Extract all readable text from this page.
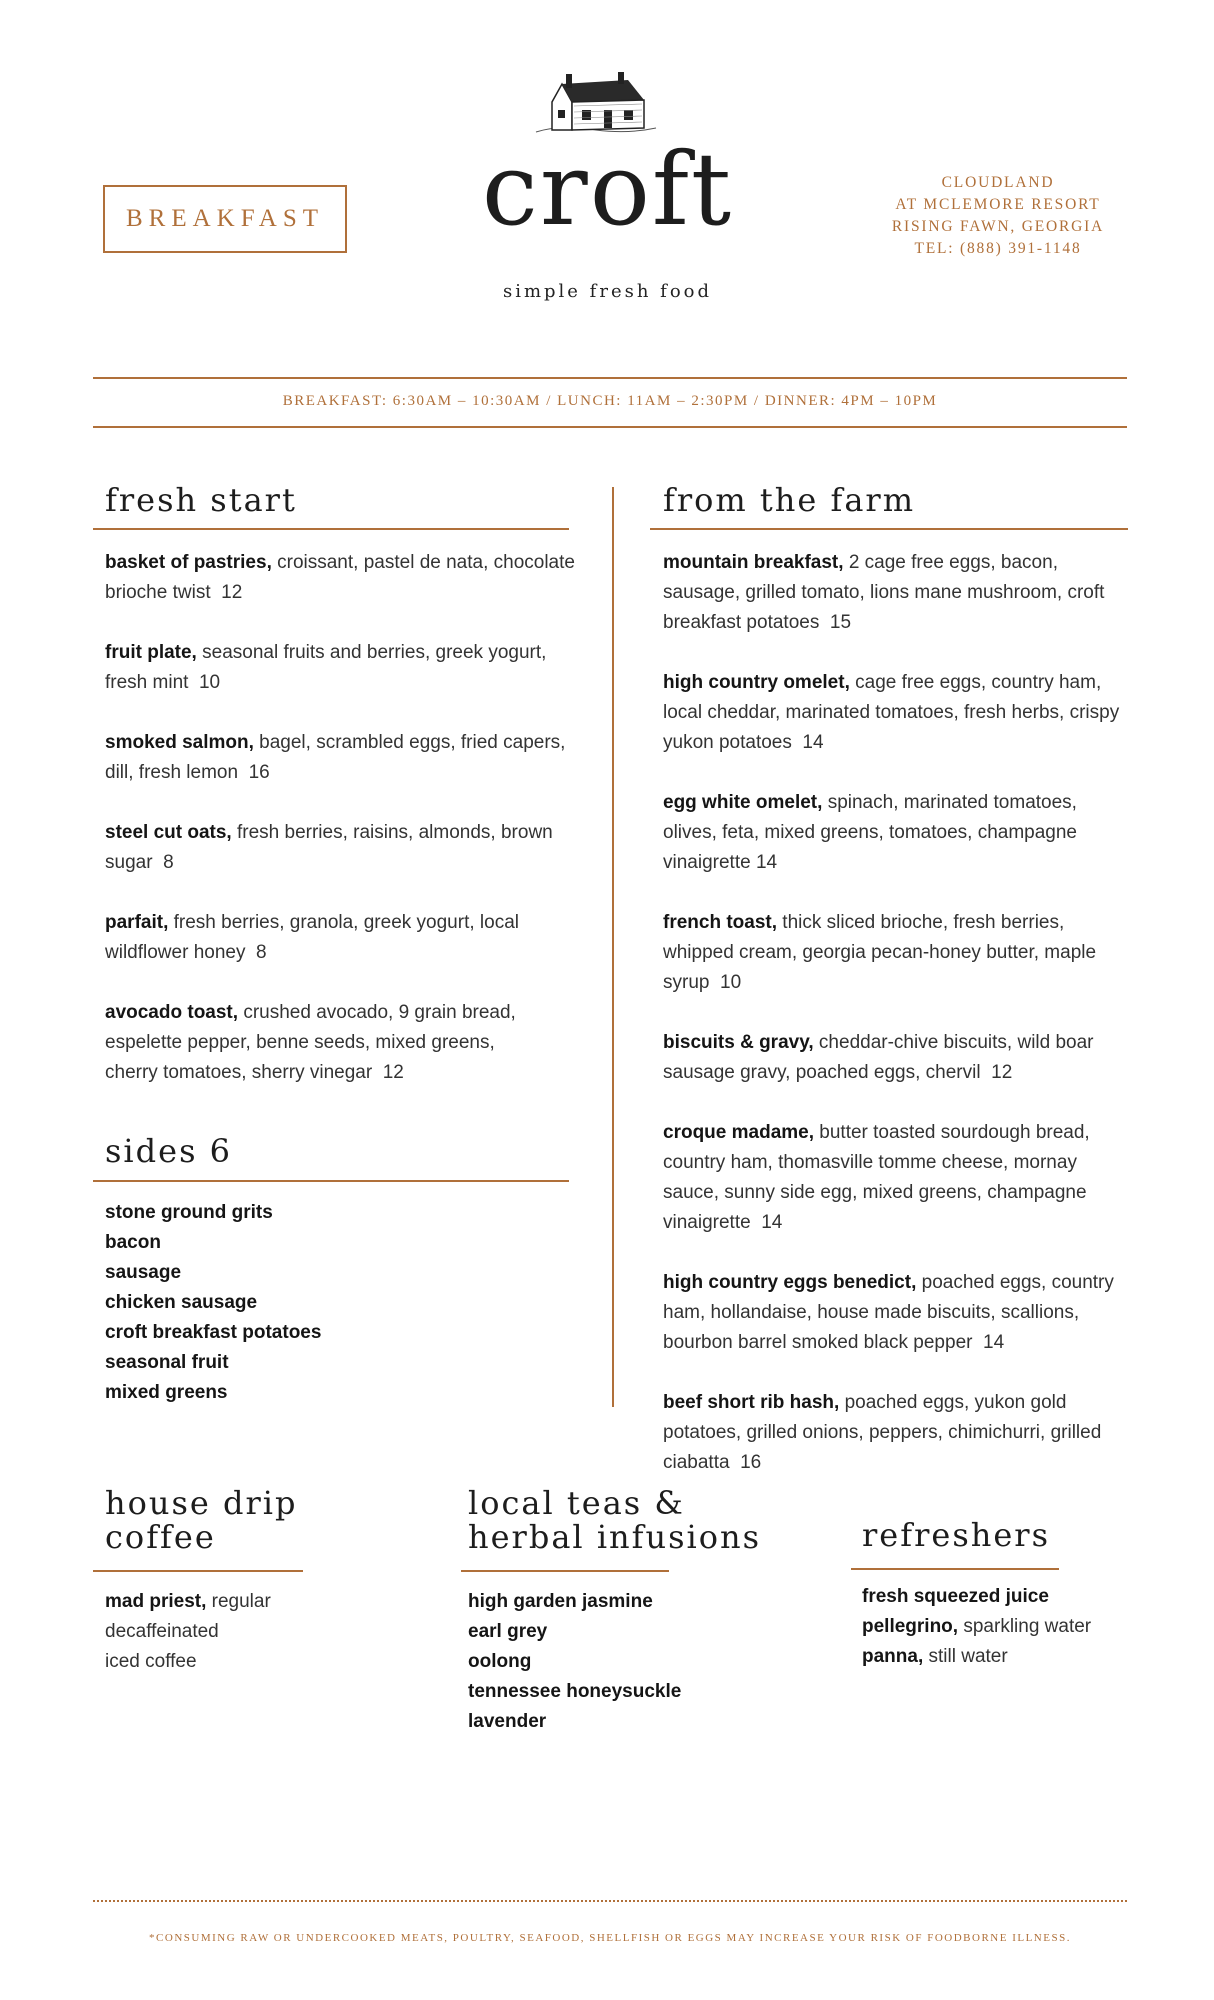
BREAKFAST	croft
simple fresh food
CLOUDLAND
AT MCLEMORE RESORT
RISING FAWN, GEORGIA
TEL: (888) 391-1148
BREAKFAST: 6:30AM – 10:30AM / LUNCH: 11AM – 2:30PM / DINNER: 4PM – 10PM
fresh start
basket of pastries, croissant, pastel de nata, chocolate brioche twist  12
fruit plate, seasonal fruits and berries, greek yogurt, fresh mint  10
smoked salmon, bagel, scrambled eggs, fried capers, dill, fresh lemon  16
steel cut oats, fresh berries, raisins, almonds, brown sugar  8
parfait, fresh berries, granola, greek yogurt, local wildflower honey  8
avocado toast, crushed avocado, 9 grain bread, espelette pepper, benne seeds, mixed greens, cherry tomatoes, sherry vinegar  12
sides 6
stone ground grits
bacon
sausage
chicken sausage
croft breakfast potatoes
seasonal fruit
mixed greens
from the farm
mountain breakfast, 2 cage free eggs, bacon, sausage, grilled tomato, lions mane mushroom, croft breakfast potatoes  15
high country omelet, cage free eggs, country ham, local cheddar, marinated tomatoes, fresh herbs, crispy yukon potatoes  14
egg white omelet, spinach, marinated tomatoes, olives, feta, mixed greens, tomatoes, champagne vinaigrette 14
french toast, thick sliced brioche, fresh berries, whipped cream, georgia pecan-honey butter, maple syrup  10
biscuits & gravy, cheddar-chive biscuits, wild boar sausage gravy, poached eggs, chervil  12
croque madame, butter toasted sourdough bread, country ham, thomasville tomme cheese, mornay sauce, sunny side egg, mixed greens, champagne vinaigrette  14
high country eggs benedict, poached eggs, country ham, hollandaise, house made biscuits, scallions, bourbon barrel smoked black pepper  14
beef short rib hash, poached eggs, yukon gold potatoes, grilled onions, peppers, chimichurri, grilled ciabatta  16
house drip
coffee
mad priest, regular
decaffeinated
iced coffee
local teas &
herbal infusions
high garden jasmine
earl grey
oolong
tennessee honeysuckle
lavender
refreshers
fresh squeezed juice
pellegrino, sparkling water
panna, still water
*CONSUMING RAW OR UNDERCOOKED MEATS, POULTRY, SEAFOOD, SHELLFISH OR EGGS MAY INCREASE YOUR RISK OF FOODBORNE ILLNESS.
